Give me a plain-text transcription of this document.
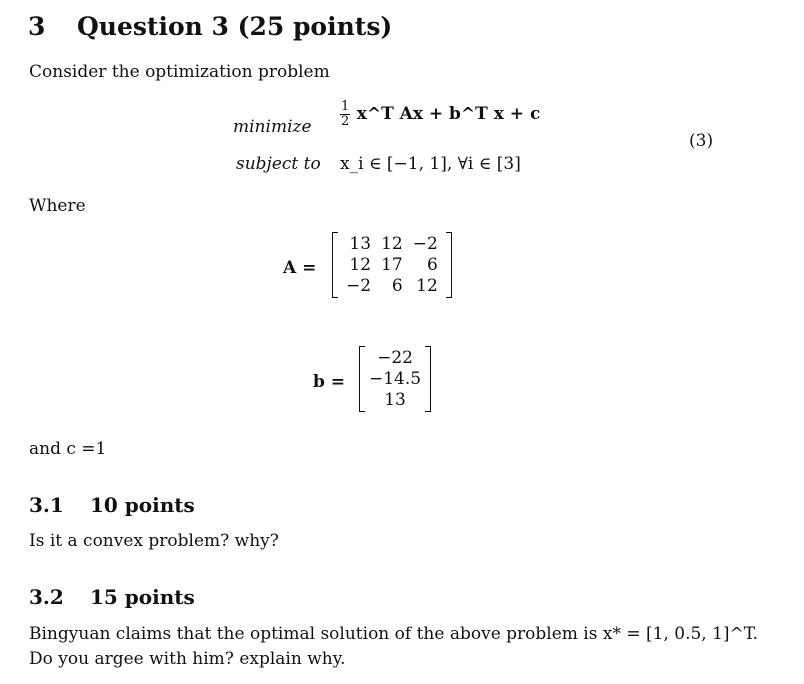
3 Question 3 (25 points)
Consider the optimization problem
minimize $\frac{1}{2}$ x^T Ax + b^T x + c
subject to x_i ∈ [−1, 1], ∀i ∈ [3]
(3)
Where
A =
13 12 −2
12 17	6
−2	6 12
b =
−22
−14.5
13
and c =1
3.1 10 points
Is it a convex problem? why?
3.2 15 points
Bingyuan claims that the optimal solution of the above problem is x* = [1, 0.5, 1]^T.
Do you argee with him? explain why.
